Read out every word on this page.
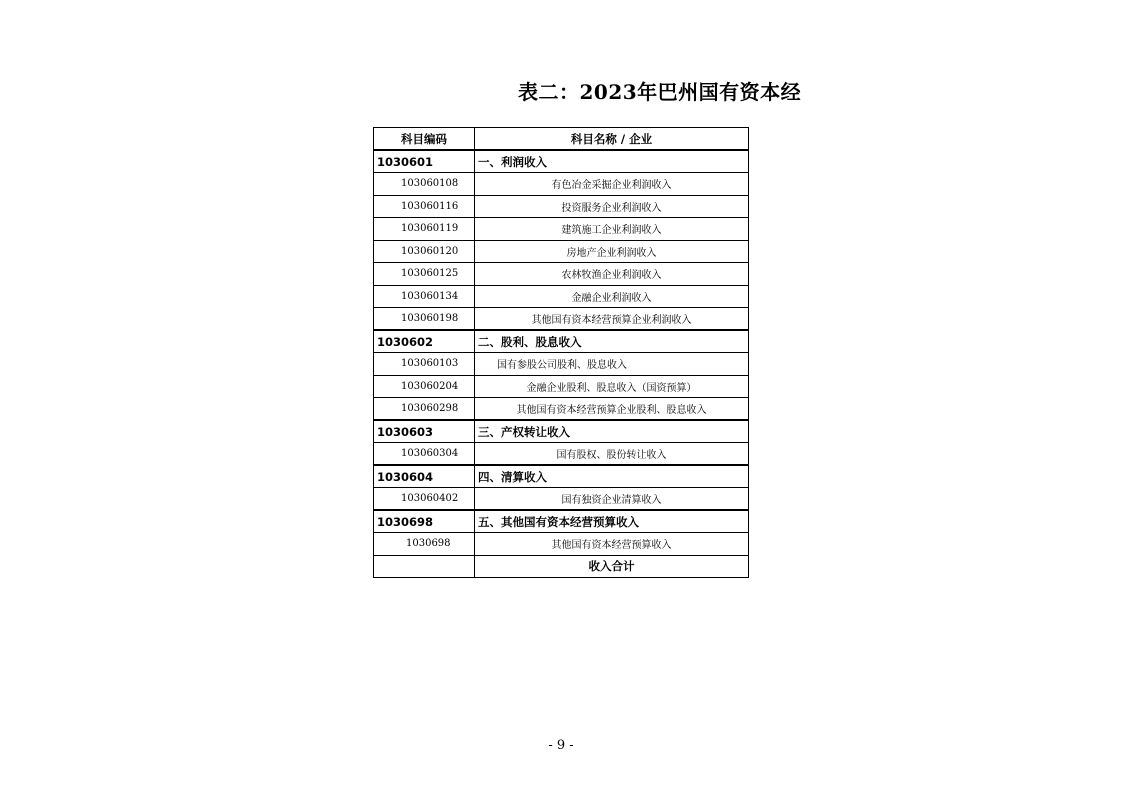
表二：2023年巴州国有资本经
科目编码	科目名称 / 企业
1030601	一、利润收入
103060108	有色冶金采掘企业利润收入
103060116	投资服务企业利润收入
103060119	建筑施工企业利润收入
103060120	房地产企业利润收入
103060125	农林牧渔企业利润收入
103060134	金融企业利润收入
103060198	其他国有资本经营预算企业利润收入
1030602	二、股利、股息收入
103060103	国有参股公司股利、股息收入
103060204	金融企业股利、股息收入（国资预算）
103060298	其他国有资本经营预算企业股利、股息收入
1030603	三、产权转让收入
103060304	国有股权、股份转让收入
1030604	四、清算收入
103060402	国有独资企业清算收入
1030698	五、其他国有资本经营预算收入
1030698	其他国有资本经营预算收入
	收入合计
- 9 -
